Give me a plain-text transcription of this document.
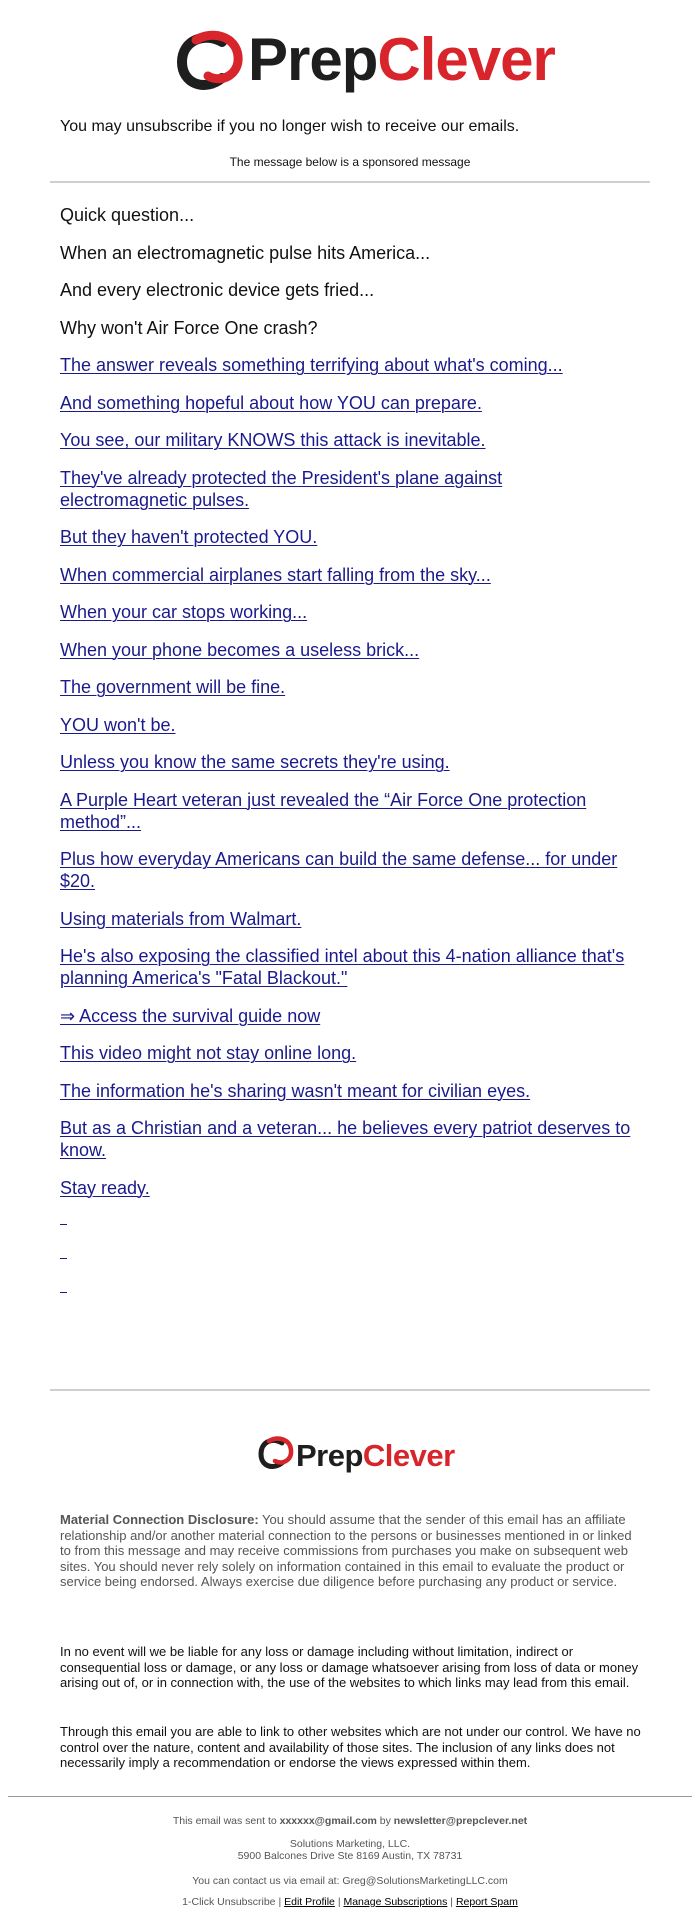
PrepClever
You may unsubscribe if you no longer wish to receive our emails.
The message below is a sponsored message

Quick question...

When an electromagnetic pulse hits America...

And every electronic device gets fried...

Why won't Air Force One crash?

The answer reveals something terrifying about what's coming...

And something hopeful about how YOU can prepare.

You see, our military KNOWS this attack is inevitable.

They've already protected the President's plane against electromagnetic pulses.

But they haven't protected YOU.

When commercial airplanes start falling from the sky...

When your car stops working...

When your phone becomes a useless brick...

The government will be fine.

YOU won't be.

Unless you know the same secrets they're using.

A Purple Heart veteran just revealed the “Air Force One protection method”...

Plus how everyday Americans can build the same defense... for under $20.

Using materials from Walmart.

He's also exposing the classified intel about this 4-nation alliance that's planning America's "Fatal Blackout."

⇒ Access the survival guide now

This video might not stay online long.

The information he's sharing wasn't meant for civilian eyes.

But as a Christian and a veteran... he believes every patriot deserves to know.

Stay ready.

PrepClever
Material Connection Disclosure: You should assume that the sender of this email has an affiliate relationship and/or another material connection to the persons or businesses mentioned in or linked to from this message and may receive commissions from purchases you make on subsequent web sites. You should never rely solely on information contained in this email to evaluate the product or service being endorsed. Always exercise due diligence before purchasing any product or service.
In no event will we be liable for any loss or damage including without limitation, indirect or consequential loss or damage, or any loss or damage whatsoever arising from loss of data or money arising out of, or in connection with, the use of the websites to which links may lead from this email.
Through this email you are able to link to other websites which are not under our control. We have no control over the nature, content and availability of those sites. The inclusion of any links does not necessarily imply a recommendation or endorse the views expressed within them.
This email was sent to xxxxxx@gmail.com by newsletter@prepclever.net
Solutions Marketing, LLC.
5900 Balcones Drive Ste 8169 Austin, TX 78731
You can contact us via email at: Greg@SolutionsMarketingLLC.com
1-Click Unsubscribe | Edit Profile | Manage Subscriptions | Report Spam
